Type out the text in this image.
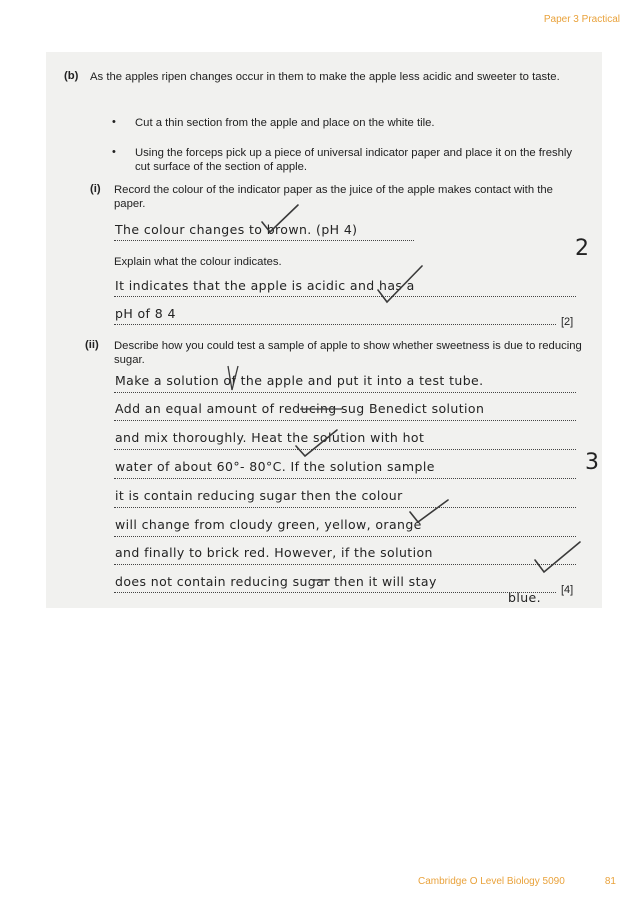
Paper 3 Practical
(b) As the apples ripen changes occur in them to make the apple less acidic and sweeter to taste.
• Cut a thin section from the apple and place on the white tile.
• Using the forceps pick up a piece of universal indicator paper and place it on the freshly cut surface of the section of apple.
(i) Record the colour of the indicator paper as the juice of the apple makes contact with the paper.
The colour changes to brown. (pH 4)
Explain what the colour indicates.
2
It indicates that the apple is acidic and has a
pH of 8 4
[2]
(ii) Describe how you could test a sample of apple to show whether sweetness is due to reducing sugar.
Make a solution of the apple and put it into a test tube.
Add an equal amount of reducing sug Benedict solution
and mix thoroughly. Heat the solution with hot
water of about 60°- 80°C. If the solution sample
it is contain reducing sugar then the colour
will change from cloudy green, yellow, orange
and finally to brick red. However, if the solution
does not contain reducing sugar then it will stay
[4]
blue.
3
Cambridge O Level Biology 5090	81
